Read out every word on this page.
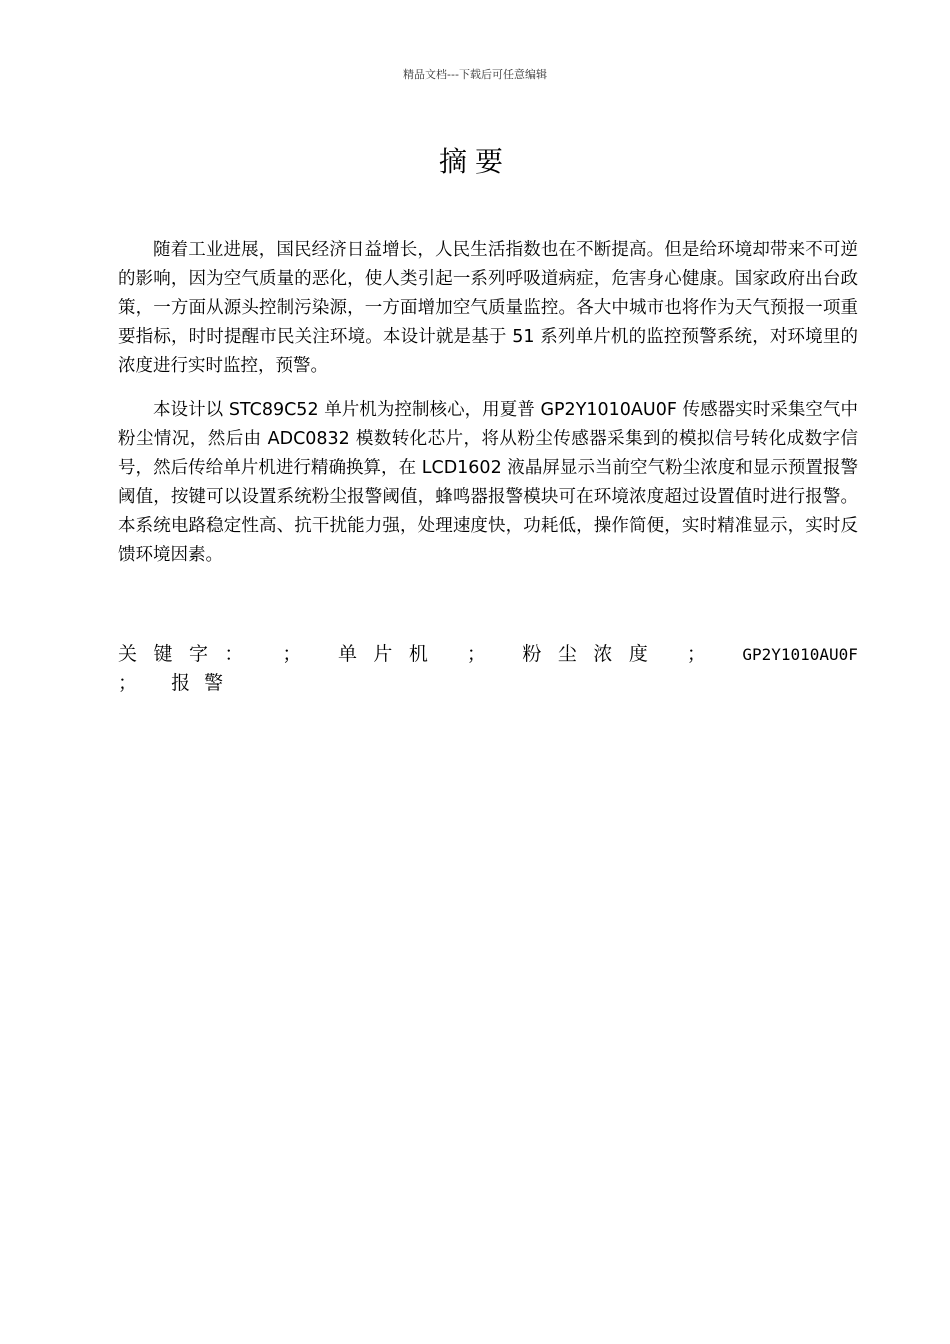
精品文档---下载后可任意编辑
摘要

随着工业进展，国民经济日益增长，人民生活指数也在不断提高。但是给环境却带来不可逆的影响，因为空气质量的恶化，使人类引起一系列呼吸道病症，危害身心健康。国家政府出台政策，一方面从源头控制污染源，一方面增加空气质量监控。各大中城市也将作为天气预报一项重要指标，时时提醒市民关注环境。本设计就是基于 51 系列单片机的监控预警系统，对环境里的浓度进行实时监控，预警。

本设计以 STC89C52 单片机为控制核心，用夏普 GP2Y1010AU0F 传感器实时采集空气中粉尘情况，然后由 ADC0832 模数转化芯片，将从粉尘传感器采集到的模拟信号转化成数字信号，然后传给单片机进行精确换算，在 LCD1602 液晶屏显示当前空气粉尘浓度和显示预置报警阈值，按键可以设置系统粉尘报警阈值，蜂鸣器报警模块可在环境浓度超过设置值时进行报警。本系统电路稳定性高、抗干扰能力强，处理速度快，功耗低，操作简便，实时精准显示，实时反馈环境因素。

关键字： ； 单片机 ； 粉尘浓度 ； GP2Y1010AU0F ； 报警
